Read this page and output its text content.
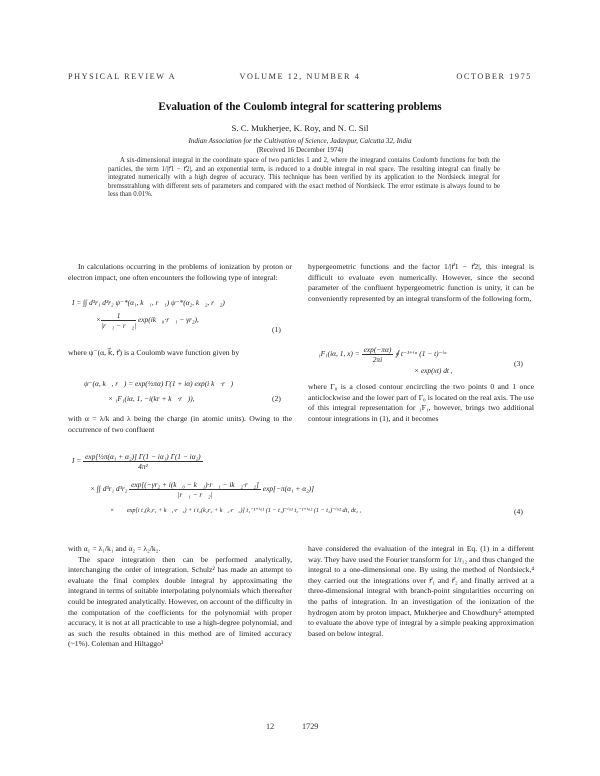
PHYSICAL REVIEW A	VOLUME 12, NUMBER 4	OCTOBER 1975
Evaluation of the Coulomb integral for scattering problems
S. C. Mukherjee, K. Roy, and N. C. Sil
Indian Association for the Cultivation of Science, Jadavpur, Calcutta 32, India
(Received 16 December 1974)

A six-dimensional integral in the coordinate space of two particles 1 and 2, where the integrand contains Coulomb functions for both the particles, the term 1/|r⃗1 − r⃗2|, and an exponential term, is reduced to a double integral in real space. The resulting integral can finally be integrated numerically with a high degree of accuracy. This technique has been verified by its application to the Nordsieck integral for bremsstrahlung with different sets of parameters and compared with the exact method of Nordsieck. The error estimate is always found to be less than 0.01%.

In calculations occurring in the problems of ionization by proton or electron impact, one often encounters the following type of integral:

I = ∫∫ d³r₁ d³r₂ ψ⁻*(α₁, k⃗₁, r⃗₁) ψ⁻*(α₂, k⃗₂, r⃗₂)
× $\frac{1}{\text{|r⃗₁ − r⃗₂|}}$ exp(ik⃗₀·r⃗₁ − γr₂),
(1)

where ψ⁻(α, k⃗, r⃗) is a Coulomb wave function given by

ψ⁻(α, k⃗, r⃗) = exp(½πα) Γ(1 + iα) exp(i k⃗·r⃗)
× ₁F₁(iα, 1, −i(kr + k⃗·r⃗)),	(2)

with α = λ/k and λ being the charge (in atomic units). Owing to the occurrence of two confluent

hypergeometric functions and the factor 1/|r⃗1 − r⃗2|, this integral is difficult to evaluate even numerically. However, since the second parameter of the confluent hypergeometric function is unity, it can be conveniently represented by an integral transform of the following form,

₁F₁(iα, 1, $x) = \frac{\exp(-\pi\alpha)}{2\pi i}$ ∮ t⁻¹⁺ⁱᵅ (1 − t)⁻ⁱᵅ
× exp(xt) dt ,
(3)

where Γ₀ is a closed contour encircling the two points 0 and 1 once anticlockwise and the lower part of Γ₀ is located on the real axis. The use of this integral representation for ₁F₁, however, brings two additional contour integrations in (1), and it becomes

$I = \frac{\text{exp[½π(α₁ + α₂)] Γ(1 − iα₁) Γ(1 − iα₂)}}{\text{4π²}}$
× ∫∫ d³r₁ $d^3r_2 \frac{\text{exp[(−γr₂ + i(k⃗₀ − k⃗₁)·r⃗₁ − ik⃗₂·r⃗₂]}}{\text{|r⃗₁ − r⃗₂|}} \exp[-\pi(\alpha_1 + \alpha_2)]$
× ∮∮ exp[i t₁(k₁r₁ + k⃗₁·r⃗₁) + i t₂(k₂r₂ + k⃗₂·r⃗₂)] t₁⁻¹⁺ⁱᵅ¹ (1 − t₁)⁻ⁱᵅ¹ t₂⁻¹⁺ⁱᵅ² (1 − t₂)⁻ⁱᵅ² dt₁ dt₂ ,	(4)

with α₁ = λ₁/k₁ and α₂ = λ₂/k₂.

The space integration then can be performed analytically, interchanging the order of integration. Schulz² has made an attempt to evaluate the final complex double integral by approximating the integrand in terms of suitable interpolating polynomials which thereafter could be integrated analytically. However, on account of the difficulty in the computation of the coefficients for the polynomial with proper accuracy, it is not at all practicable to use a high-degree polynomial, and as such the results obtained in this method are of limited accuracy (~1%). Coleman and Hiltaggo³

have considered the evaluation of the integral in Eq. (1) in a different way. They have used the Fourier transform for 1/r₁₂ and thus changed the integral to a one-dimensional one. By using the method of Nordsieck,⁴ they carried out the integrations over r⃗₁ and r⃗₂ and finally arrived at a three-dimensional integral with branch-point singularities occurring on the paths of integration. In an investigation of the ionization of the hydrogen atom by proton impact, Mukherjee and Chowdhury⁵ attempted to evaluate the above type of integral by a simple peaking approximation based on below integral.

12	1729
